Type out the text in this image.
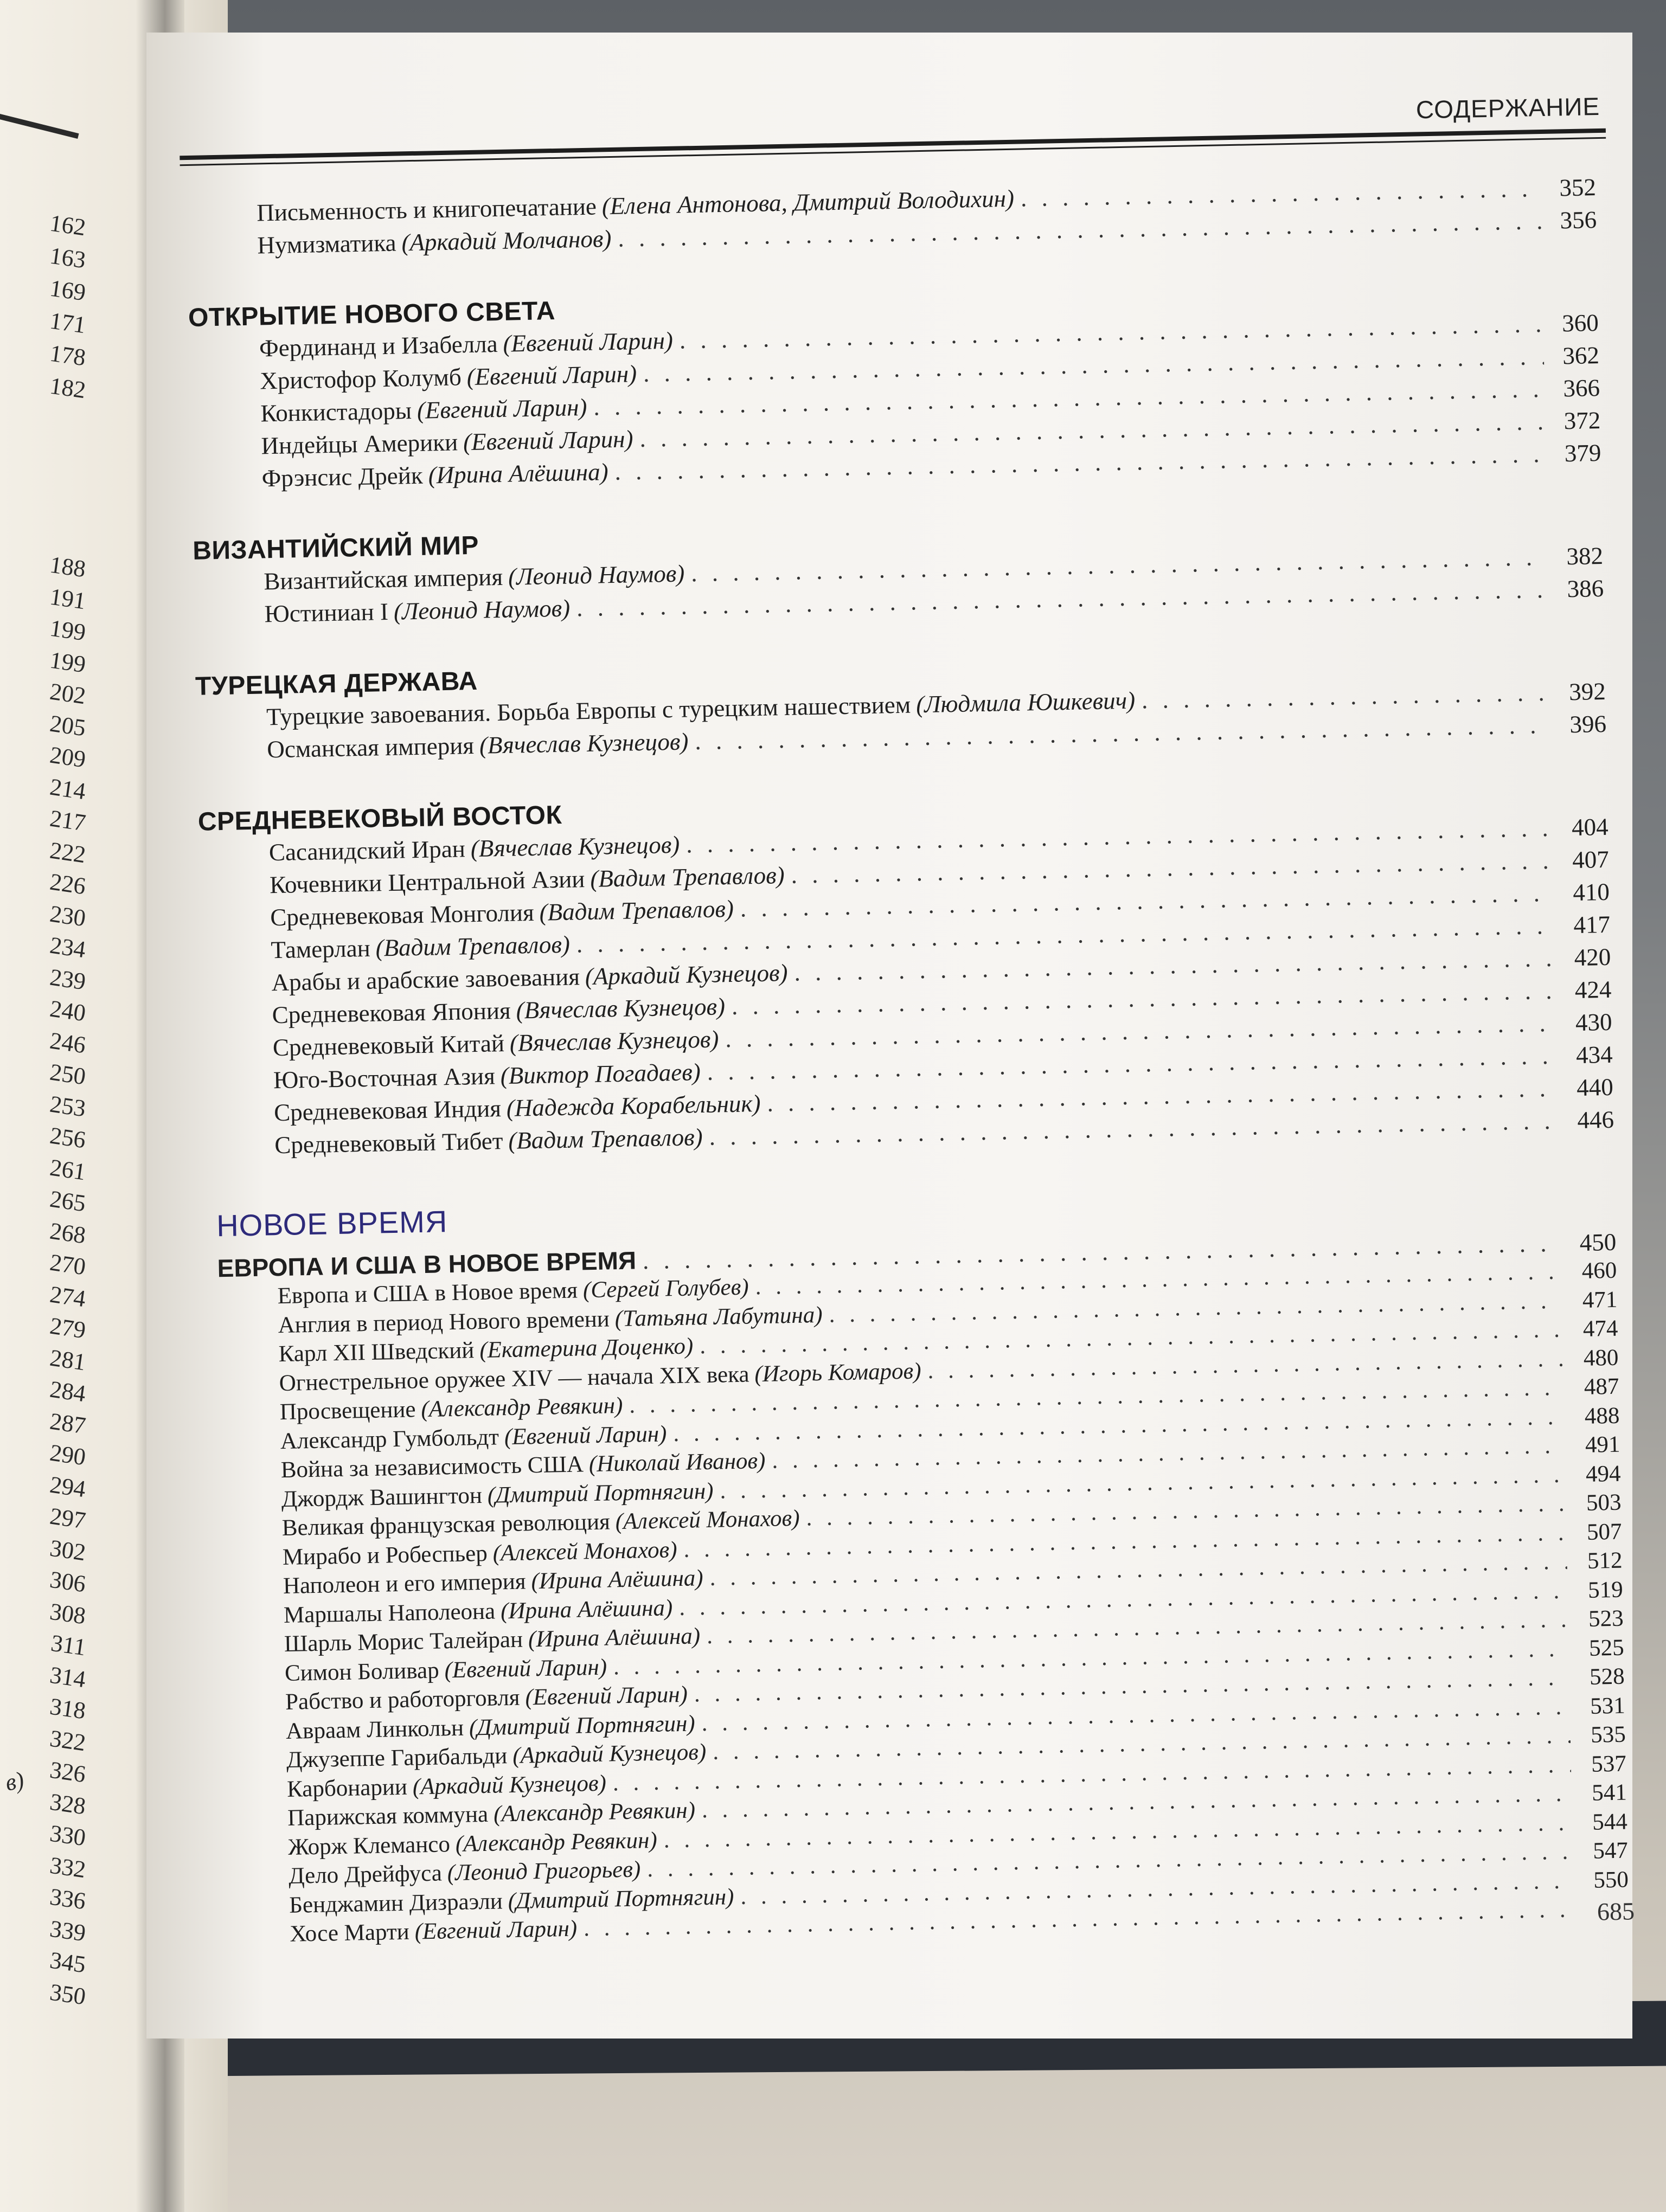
162
163
169
171
178
182
188
191
199
199
202
205
209
214
217
222
226
230
234
239
240
246
250
253
256
261
265
268
270
274
279
281
284
287
290
294
297
302
306
308
311
314
318
322
326
328
330
332
336
339
345
350
в)
СОДЕРЖАНИЕ
Письменность и книгопечатание (Елена Антонова, Дмитрий Володихин) . . .	352
Нумизматика (Аркадий Молчанов)
. . .
356
ОТКРЫТИЕ НОВОГО СВЕТА
Фердинанд и Изабелла (Евгений Ларин)
. . .
360
Христофор Колумб (Евгений Ларин)
. . .
362
Конкистадоры (Евгений Ларин)
. . .
366
Индейцы Америки (Евгений Ларин)
. . .
372
Фрэнсис Дрейк (Ирина Алёшина)
. . .
379
ВИЗАНТИЙСКИЙ МИР
Византийская империя (Леонид Наумов)
. . .
382
Юстиниан I (Леонид Наумов)
. . .
386
ТУРЕЦКАЯ ДЕРЖАВА
Турецкие завоевания. Борьба Европы с турецким нашествием (Людмила Юшкевич) . . .	392
Османская империя (Вячеслав Кузнецов)
. . .
396
СРЕДНЕВЕКОВЫЙ ВОСТОК
Сасанидский Иран (Вячеслав Кузнецов)
. . .
404
Кочевники Центральной Азии (Вадим Трепавлов)
. . .
407
Средневековая Монголия (Вадим Трепавлов)
. . .
410
Тамерлан (Вадим Трепавлов)
. . .
417
Арабы и арабские завоевания (Аркадий Кузнецов)
. . .
420
Средневековая Япония (Вячеслав Кузнецов)
. . .
424
Средневековый Китай (Вячеслав Кузнецов)
. . .
430
Юго-Восточная Азия (Виктор Погадаев)
. . .
434
Средневековая Индия (Надежда Корабельник)
. . .
440
Средневековый Тибет (Вадим Трепавлов)
. . .
446
НОВОЕ ВРЕМЯ
ЕВРОПА И США В НОВОЕ ВРЕМЯ
. . .
450
Европа и США в Новое время (Сергей Голубев)
. . .
460
Англия в период Нового времени (Татьяна Лабутина)
. . .
471
Карл XII Шведский (Екатерина Доценко)
. . .
474
Огнестрельное оружее XIV — начала XIX века (Игорь Комаров)
. . .
480
Просвещение (Александр Ревякин)
. . .
487
Александр Гумбольдт (Евгений Ларин)
. . .
488
Война за независимость США (Николай Иванов)
. . .
491
Джордж Вашингтон (Дмитрий Портнягин)
. . .
494
Великая французская революция (Алексей Монахов)
. . .
503
Мирабо и Робеспьер (Алексей Монахов)
. . .
507
Наполеон и его империя (Ирина Алёшина)
. . .
512
Маршалы Наполеона (Ирина Алёшина)
. . .
519
Шарль Морис Талейран (Ирина Алёшина)
. . .
523
Симон Боливар (Евгений Ларин)
. . .
525
Рабство и работорговля (Евгений Ларин)
. . .
528
Авраам Линкольн (Дмитрий Портнягин)
. . .
531
Джузеппе Гарибальди (Аркадий Кузнецов)
. . .
535
Карбонарии (Аркадий Кузнецов)
. . .
537
Парижская коммуна (Александр Ревякин)
. . .
541
Жорж Клемансо (Александр Ревякин)
. . .
544
Дело Дрейфуса (Леонид Григорьев)
. . .
547
Бенджамин Дизраэли (Дмитрий Портнягин)
. . .
550
Хосе Марти (Евгений Ларин)
. . .
685
